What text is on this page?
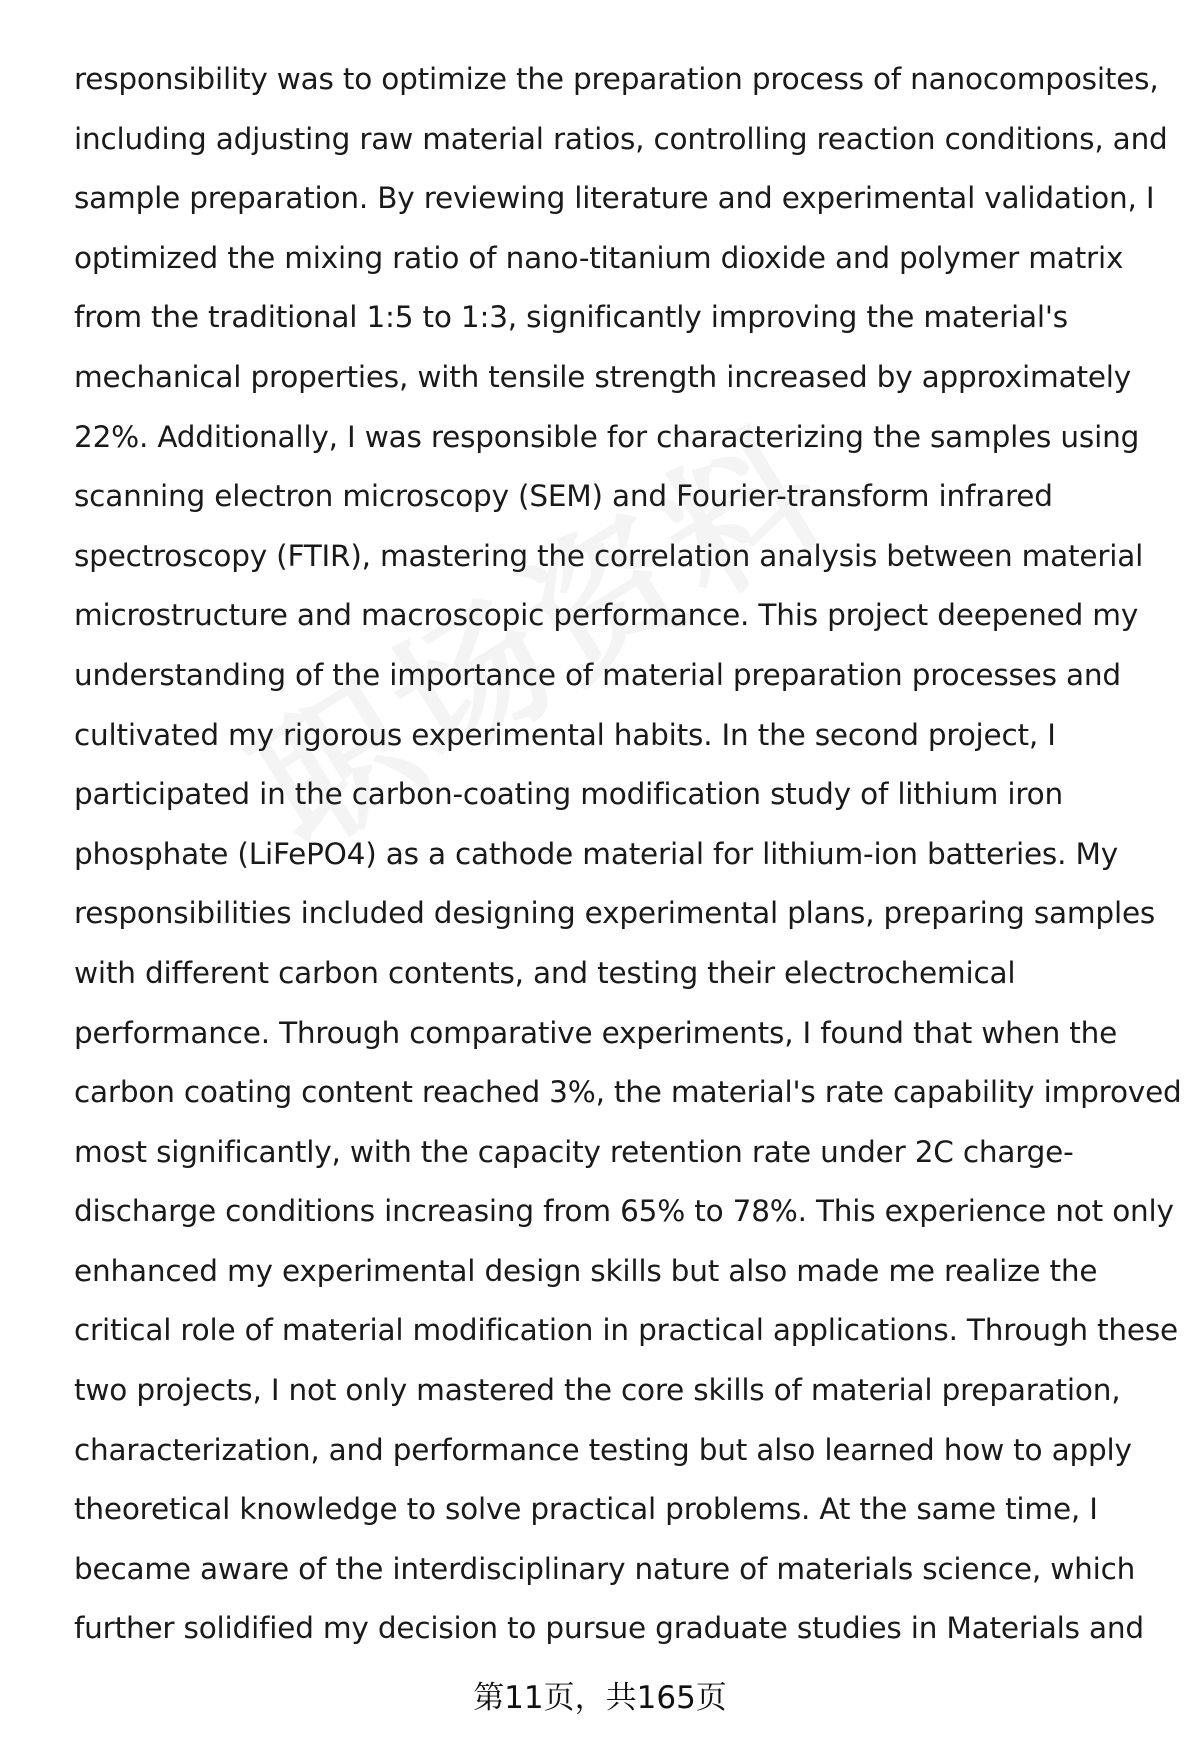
responsibility was to optimize the preparation process of nanocomposites,
including adjusting raw material ratios, controlling reaction conditions, and
sample preparation. By reviewing literature and experimental validation, I
optimized the mixing ratio of nano-titanium dioxide and polymer matrix
from the traditional 1:5 to 1:3, significantly improving the material's
mechanical properties, with tensile strength increased by approximately
22%. Additionally, I was responsible for characterizing the samples using
scanning electron microscopy (SEM) and Fourier-transform infrared
spectroscopy (FTIR), mastering the correlation analysis between material
microstructure and macroscopic performance. This project deepened my
understanding of the importance of material preparation processes and
cultivated my rigorous experimental habits. In the second project, I
participated in the carbon-coating modification study of lithium iron
phosphate (LiFePO4) as a cathode material for lithium-ion batteries. My
responsibilities included designing experimental plans, preparing samples
with different carbon contents, and testing their electrochemical
performance. Through comparative experiments, I found that when the
carbon coating content reached 3%, the material's rate capability improved
most significantly, with the capacity retention rate under 2C charge-
discharge conditions increasing from 65% to 78%. This experience not only
enhanced my experimental design skills but also made me realize the
critical role of material modification in practical applications. Through these
two projects, I not only mastered the core skills of material preparation,
characterization, and performance testing but also learned how to apply
theoretical knowledge to solve practical problems. At the same time, I
became aware of the interdisciplinary nature of materials science, which
further solidified my decision to pursue graduate studies in Materials and
第11页，共165页
